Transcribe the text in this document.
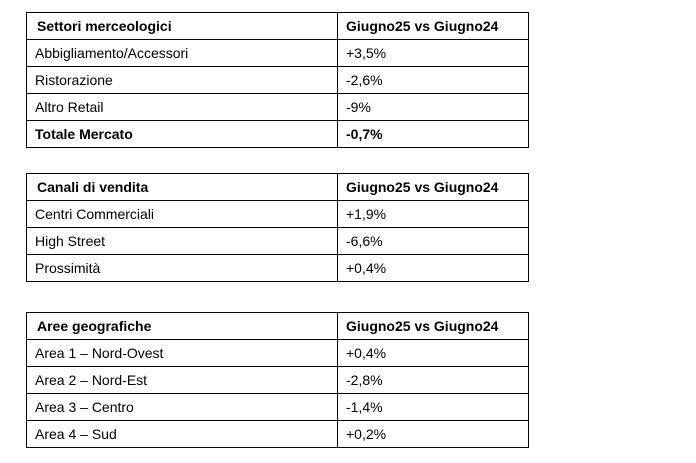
Settori merceologici	Giugno25 vs Giugno24
Abbigliamento/Accessori	+3,5%
Ristorazione	-2,6%
Altro Retail	-9%
Totale Mercato	-0,7%
Canali di vendita	Giugno25 vs Giugno24
Centri Commerciali	+1,9%
High Street	-6,6%
Prossimità	+0,4%
Aree geografiche	Giugno25 vs Giugno24
Area 1 – Nord-Ovest	+0,4%
Area 2 – Nord-Est	-2,8%
Area 3 – Centro	-1,4%
Area 4 – Sud	+0,2%
